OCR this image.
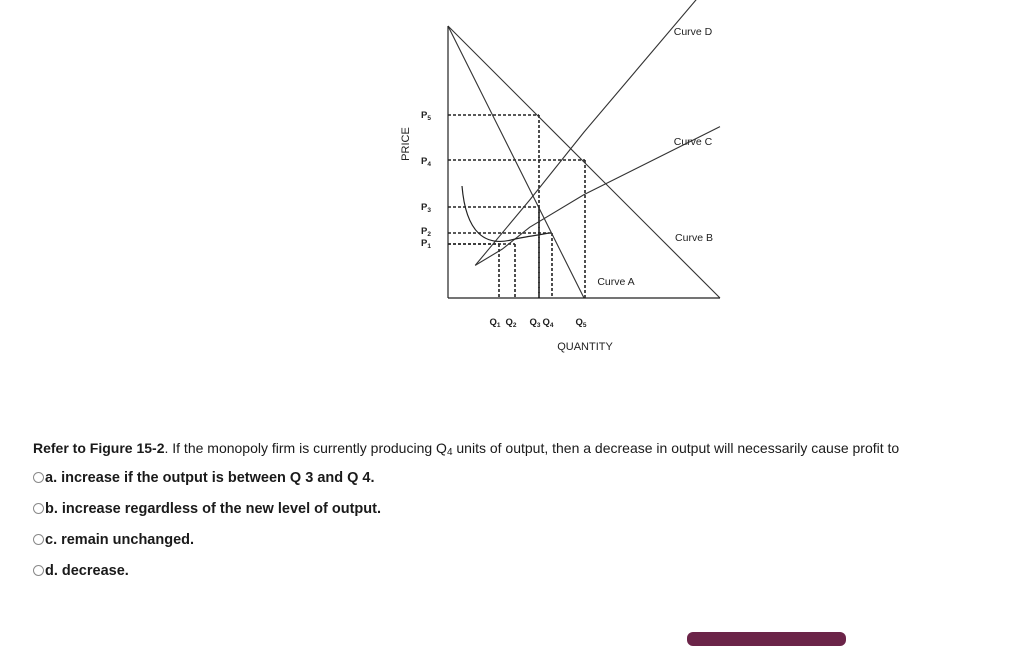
$Q_1$ $Q_2$ $Q_3$ $Q_4$ $Q_5$
$P_5$
$P_4$
$P_3$
$P_2$
$P_1$
Curve A
Curve B
Curve C
Curve D
PRICE
QUANTITY
Refer to Figure 15-2. If the monopoly firm is currently producing $Q_4$ units of output, then a decrease in output will necessarily cause profit to
a. increase if the output is between Q 3 and Q 4.
b. increase regardless of the new level of output.
c. remain unchanged.
d. decrease.
